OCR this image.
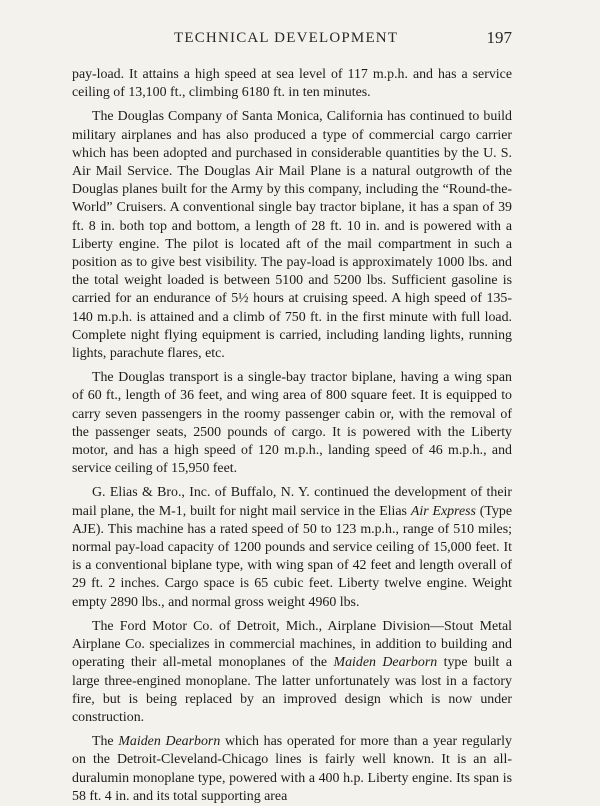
TECHNICAL DEVELOPMENT	197

pay-load. It attains a high speed at sea level of 117 m.p.h. and has a service ceiling of 13,100 ft., climbing 6180 ft. in ten minutes.

The Douglas Company of Santa Monica, California has continued to build military airplanes and has also produced a type of commercial cargo carrier which has been adopted and purchased in considerable quantities by the U. S. Air Mail Service. The Douglas Air Mail Plane is a natural outgrowth of the Douglas planes built for the Army by this company, including the “Round-the-World” Cruisers. A conventional single bay tractor biplane, it has a span of 39 ft. 8 in. both top and bottom, a length of 28 ft. 10 in. and is powered with a Liberty engine. The pilot is located aft of the mail compartment in such a position as to give best visibility. The pay-load is approximately 1000 lbs. and the total weight loaded is between 5100 and 5200 lbs. Sufficient gasoline is carried for an endurance of 5½ hours at cruising speed. A high speed of 135-140 m.p.h. is attained and a climb of 750 ft. in the first minute with full load. Complete night flying equipment is carried, including landing lights, running lights, parachute flares, etc.

The Douglas transport is a single-bay tractor biplane, having a wing span of 60 ft., length of 36 feet, and wing area of 800 square feet. It is equipped to carry seven passengers in the roomy passenger cabin or, with the removal of the passenger seats, 2500 pounds of cargo. It is powered with the Liberty motor, and has a high speed of 120 m.p.h., landing speed of 46 m.p.h., and service ceiling of 15,950 feet.

G. Elias & Bro., Inc. of Buffalo, N. Y. continued the development of their mail plane, the M-1, built for night mail service in the Elias Air Express (Type AJE). This machine has a rated speed of 50 to 123 m.p.h., range of 510 miles; normal pay-load capacity of 1200 pounds and service ceiling of 15,000 feet. It is a conventional biplane type, with wing span of 42 feet and length overall of 29 ft. 2 inches. Cargo space is 65 cubic feet. Liberty twelve engine. Weight empty 2890 lbs., and normal gross weight 4960 lbs.

The Ford Motor Co. of Detroit, Mich., Airplane Division—Stout Metal Airplane Co. specializes in commercial machines, in addition to building and operating their all-metal monoplanes of the Maiden Dearborn type built a large three-engined monoplane. The latter unfortunately was lost in a factory fire, but is being replaced by an improved design which is now under construction.

The Maiden Dearborn which has operated for more than a year regularly on the Detroit-Cleveland-Chicago lines is fairly well known. It is an all-duralumin monoplane type, powered with a 400 h.p. Liberty engine. Its span is 58 ft. 4 in. and its total supporting area
